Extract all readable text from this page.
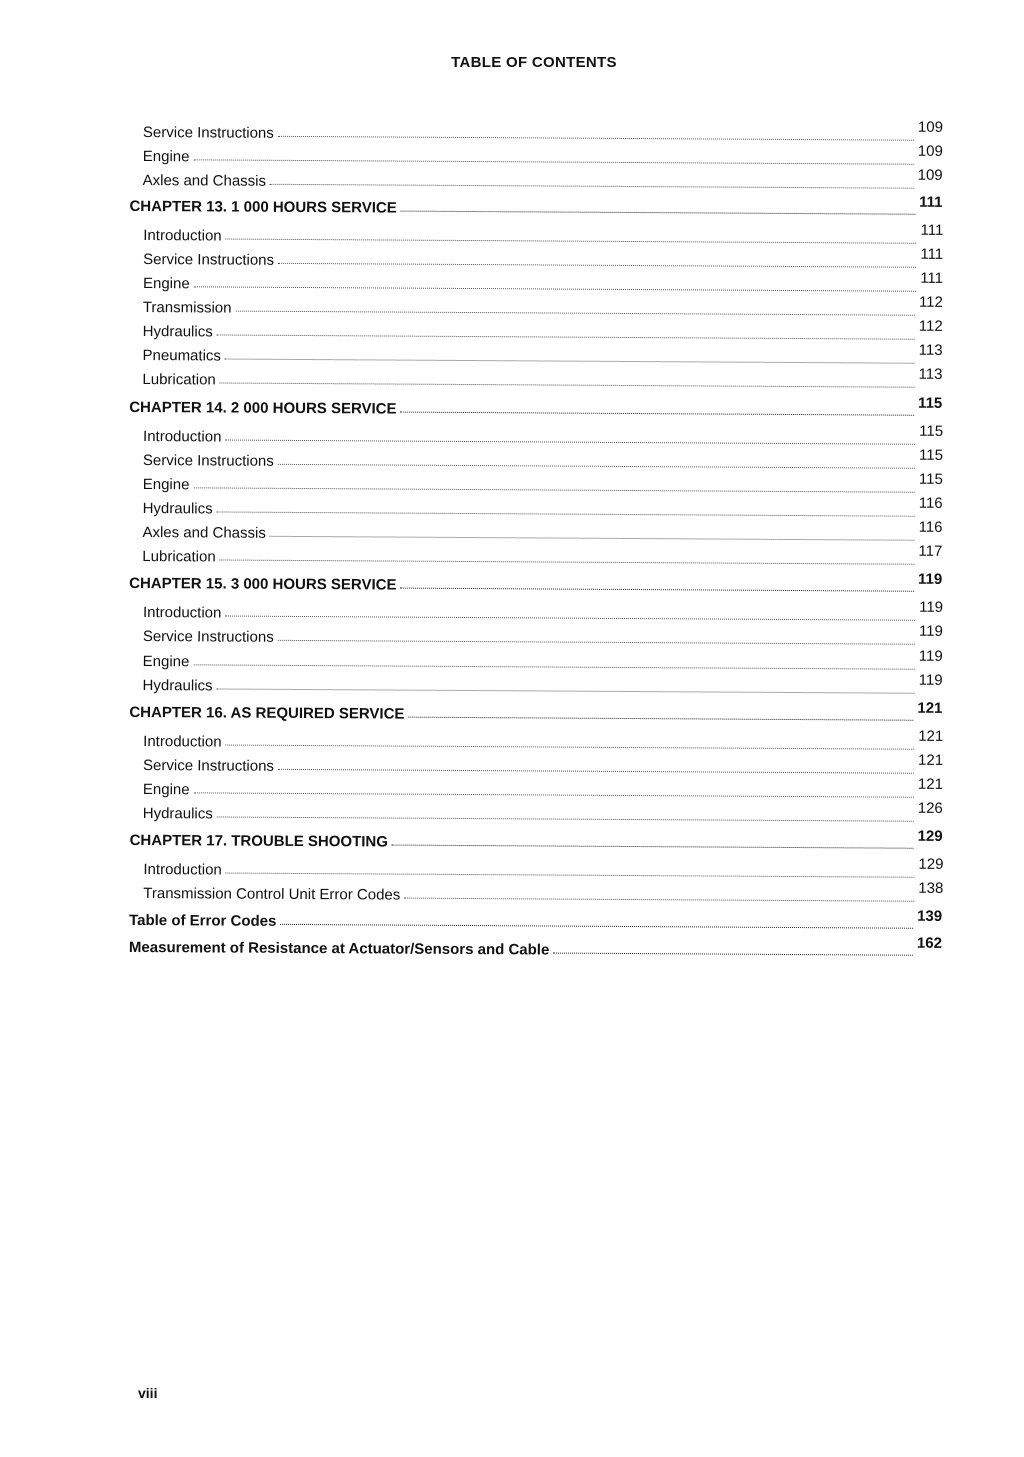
TABLE OF CONTENTS
Service Instructions	109
Engine	109
Axles and Chassis	109
CHAPTER 13. 1 000 HOURS SERVICE	111
Introduction	111
Service Instructions	111
Engine	111
Transmission	112
Hydraulics	112
Pneumatics	113
Lubrication	113
CHAPTER 14. 2 000 HOURS SERVICE	115
Introduction	115
Service Instructions	115
Engine	115
Hydraulics	116
Axles and Chassis	116
Lubrication	117
CHAPTER 15. 3 000 HOURS SERVICE	119
Introduction	119
Service Instructions	119
Engine	119
Hydraulics	119
CHAPTER 16. AS REQUIRED SERVICE	121
Introduction	121
Service Instructions	121
Engine	121
Hydraulics	126
CHAPTER 17. TROUBLE SHOOTING	129
Introduction	129
Transmission Control Unit Error Codes	138
Table of Error Codes	139
Measurement of Resistance at Actuator/Sensors and Cable	162
viii
